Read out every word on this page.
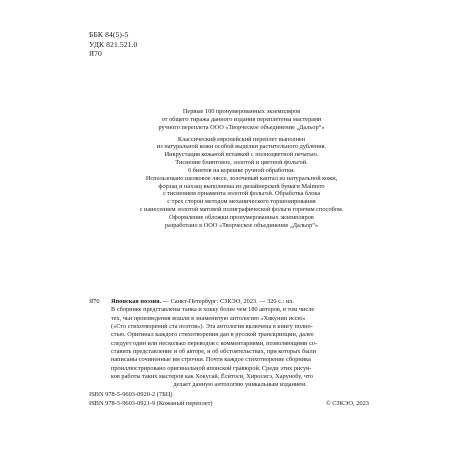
ББК 84(5)-5
УДК 821.521.0
Я70

Первые 100 пронумерованных экземпляров
от общего тиража данного издания переплетены мастерами
ручного переплета ООО «Творческое объединение „Дальор“»

Классический европейский переплет выполнен
из натуральной кожи особой выделки растительного дубления.
Инкрустация кожаной вставкой с полноцветной печатью.
Тиснение блинтовое, золотой и цветной фольгой.
6 бинтов на корешке ручной обработки.
Использовано шелковое ляссе, золоченый каптал из натуральной кожи,
форзац и нахзац выполнены из дизайнерской бумаги Malmero
с тиснением орнамента золотой фольгой. Обработка блока
с трех сторон методом механического торшонирования
с нанесением золотой матовой полиграфической фольги горячим способом.
Оформление обложки пронумерованных экземпляров
разработано в ООО «Творческое объединение „Дальор“»

Я70 Японская поэзия. — Санкт-Петербург: СЗКЭО, 2023. — 320 с.: ил.
В сборнике представлены танка и хокку более чем 180 авторов, в том числе
тех, чьи произведения вошли в знаменитую антологию «Хякунин иссю»
(«Сто стихотворений ста поэтов»). Эта антология включена в книгу полно-
стью. Оригинал каждого стихотворения дан в русской транскрипции, далее
следует один или несколько переводов с комментариями, позволяющими со-
ставить представление и об авторе, и об обстоятельствах, при которых были
написаны сочиненные им строчки. Почти каждое стихотворение сборника
проиллюстрировано оригинальной японской гравюрой. Среди этих рисун-
ков работы таких мастеров как Хокусай, Ёситоси, Хиросигэ, Харунобу, что
делает данную антологию уникальным изданием.
ISBN 978-5-9603-0920-2 (7БЦ)
ISBN 978-5-9603-0921-9 (Кожаный переплет)	© СЗКЭО, 2023
